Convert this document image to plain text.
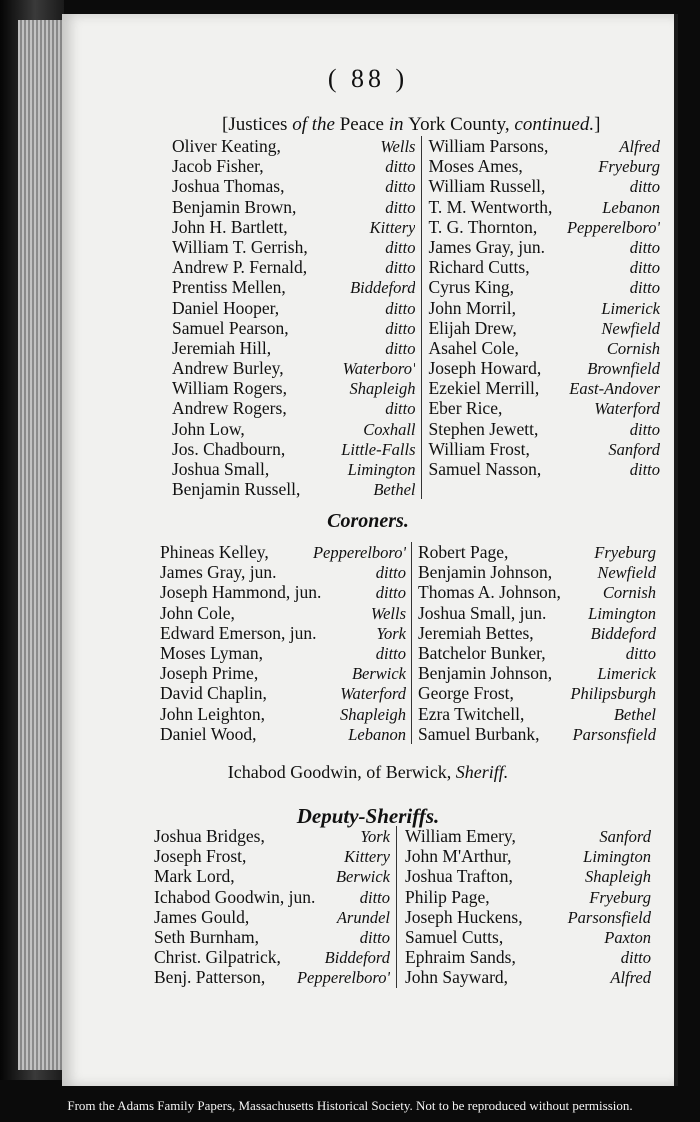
( 88 )
[Justices of the Peace in York County, continued.]
Oliver Keating,	Wells
Jacob Fisher,	ditto
Joshua Thomas,	ditto
Benjamin Brown,	ditto
John H. Bartlett,	Kittery
William T. Gerrish,	ditto
Andrew P. Fernald,	ditto
Prentiss Mellen,	Biddeford
Daniel Hooper,	ditto
Samuel Pearson,	ditto
Jeremiah Hill,	ditto
Andrew Burley,	Waterboro'
William Rogers,	Shapleigh
Andrew Rogers,	ditto
John Low,	Coxhall
Jos. Chadbourn,	Little-Falls
Joshua Small,	Limington
Benjamin Russell,	Bethel
William Parsons,	Alfred
Moses Ames,	Fryeburg
William Russell,	ditto
T. M. Wentworth,	Lebanon
T. G. Thornton, Pepperelboro'
James Gray, jun.	ditto
Richard Cutts,	ditto
Cyrus King,	ditto
John Morril,	Limerick
Elijah Drew,	Newfield
Asahel Cole,	Cornish
Joseph Howard,	Brownfield
Ezekiel Merrill, East-Andover
Eber Rice,	Waterford
Stephen Jewett,	ditto
William Frost,	Sanford
Samuel Nasson,	ditto
Coroners.
Phineas Kelley,	Pepperelboro'
James Gray, jun.	ditto
Joseph Hammond, jun.	ditto
John Cole,	Wells
Edward Emerson, jun.	York
Moses Lyman,	ditto
Joseph Prime,	Berwick
David Chaplin,	Waterford
John Leighton,	Shapleigh
Daniel Wood,	Lebanon
Robert Page,	Fryeburg
Benjamin Johnson,	Newfield
Thomas A. Johnson,	Cornish
Joshua Small, jun.	Limington
Jeremiah Bettes,	Biddeford
Batchelor Bunker,	ditto
Benjamin Johnson,	Limerick
George Frost,	Philipsburgh
Ezra Twitchell,	Bethel
Samuel Burbank, Parsonsfield
Ichabod Goodwin, of Berwick, Sheriff.
Deputy-Sheriffs.
Joshua Bridges,	York
Joseph Frost,	Kittery
Mark Lord,	Berwick
Ichabod Goodwin, jun.	ditto
James Gould,	Arundel
Seth Burnham,	ditto
Christ. Gilpatrick,	Biddeford
Benj. Patterson, Pepperelboro'
William Emery,	Sanford
John M'Arthur,	Limington
Joshua Trafton,	Shapleigh
Philip Page,	Fryeburg
Joseph Huckens,	Parsonsfield
Samuel Cutts,	Paxton
Ephraim Sands,	ditto
John Sayward,	Alfred
From the Adams Family Papers, Massachusetts Historical Society. Not to be reproduced without permission.
